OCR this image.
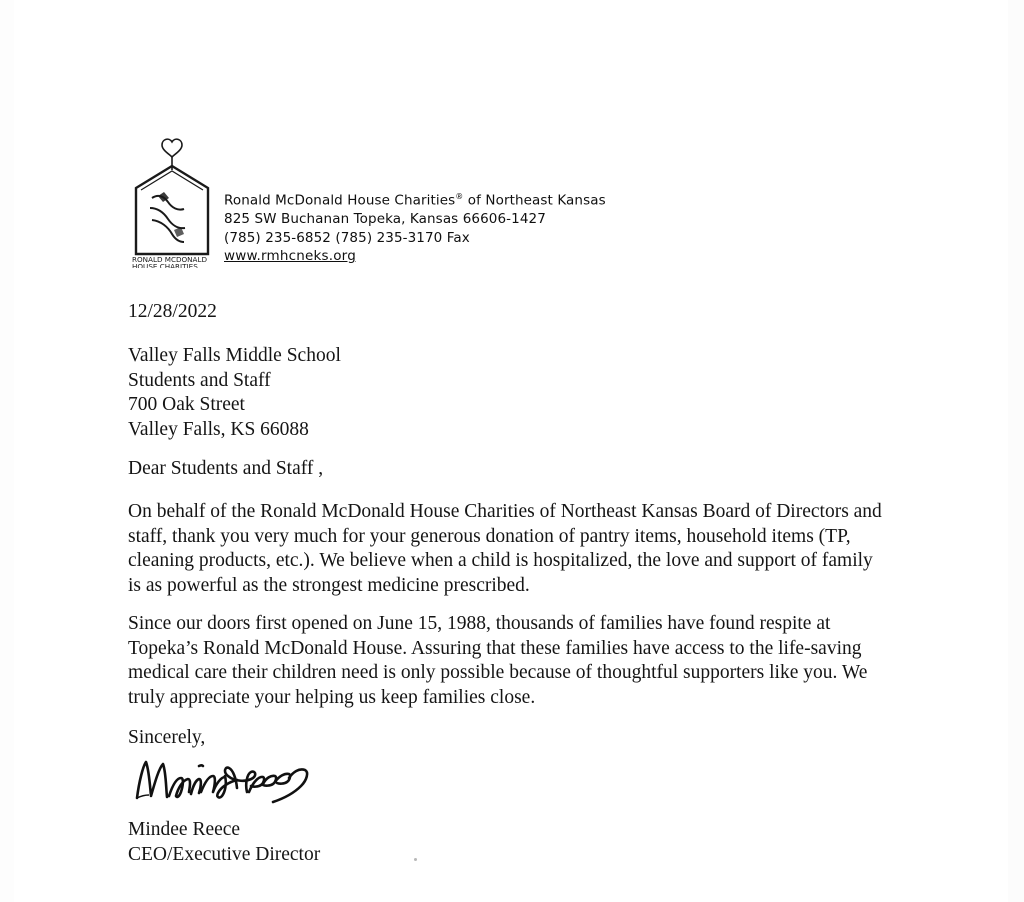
RONALD MCDONALD
HOUSE CHARITIES
Ronald McDonald House Charities® of Northeast Kansas
825 SW Buchanan Topeka, Kansas 66606-1427
(785) 235-6852 (785) 235-3170 Fax
www.rmhcneks.org
12/28/2022
Valley Falls Middle School
Students and Staff
700 Oak Street
Valley Falls, KS 66088
Dear Students and Staff ,
On behalf of the Ronald McDonald House Charities of Northeast Kansas Board of Directors and staff, thank you very much for your generous donation of pantry items, household items (TP, cleaning products, etc.). We believe when a child is hospitalized, the love and support of family is as powerful as the strongest medicine prescribed.
Since our doors first opened on June 15, 1988, thousands of families have found respite at Topeka’s Ronald McDonald House. Assuring that these families have access to the life-saving medical care their children need is only possible because of thoughtful supporters like you. We truly appreciate your helping us keep families close.
Sincerely,
Mindee Reece
CEO/Executive Director
